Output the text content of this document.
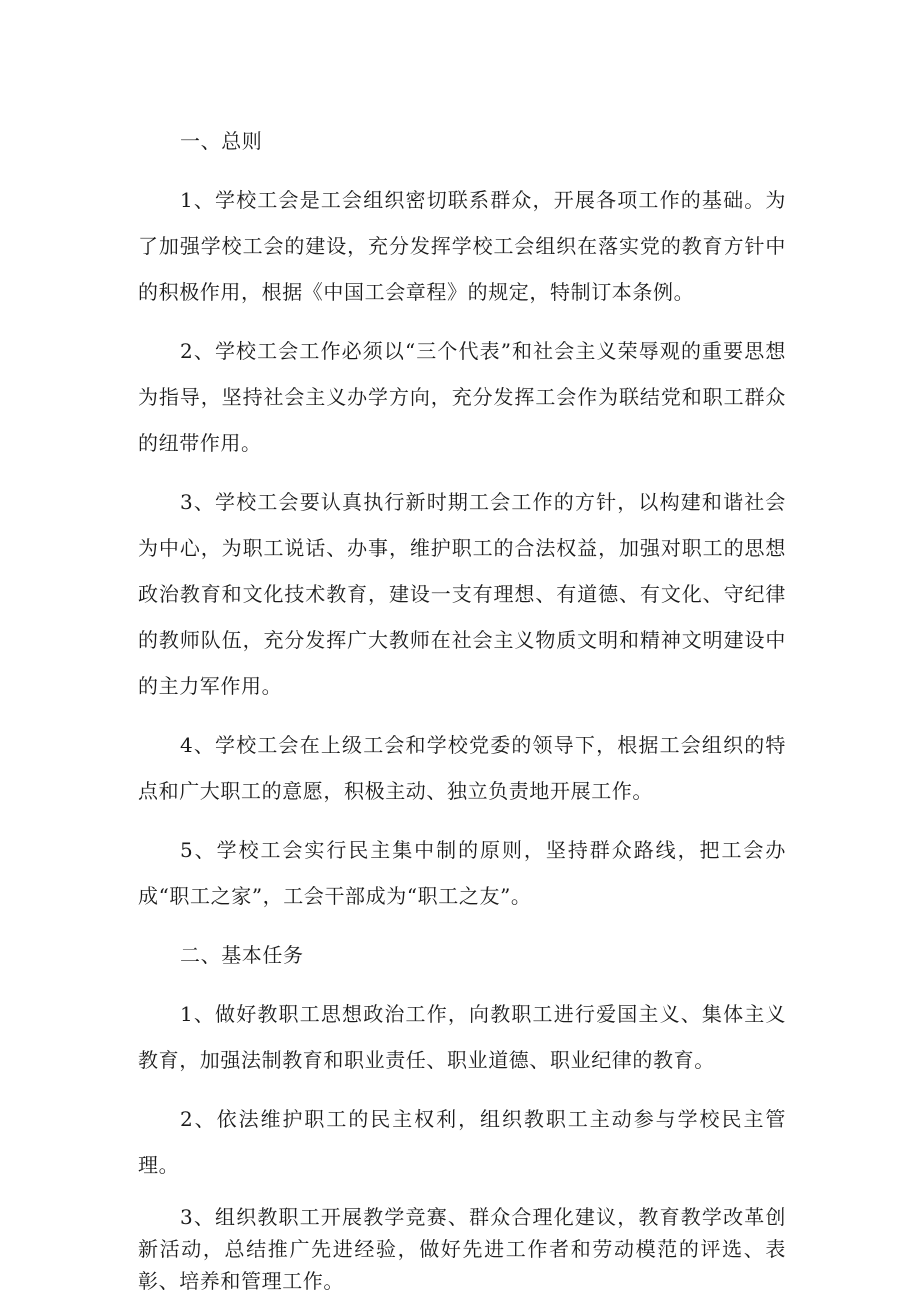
一、总则

1、学校工会是工会组织密切联系群众，开展各项工作的基础。为了加强学校工会的建设，充分发挥学校工会组织在落实党的教育方针中的积极作用，根据《中国工会章程》的规定，特制订本条例。

2、学校工会工作必须以“三个代表”和社会主义荣辱观的重要思想为指导，坚持社会主义办学方向，充分发挥工会作为联结党和职工群众的纽带作用。

3、学校工会要认真执行新时期工会工作的方针，以构建和谐社会为中心，为职工说话、办事，维护职工的合法权益，加强对职工的思想政治教育和文化技术教育，建设一支有理想、有道德、有文化、守纪律的教师队伍，充分发挥广大教师在社会主义物质文明和精神文明建设中的主力军作用。

4、学校工会在上级工会和学校党委的领导下，根据工会组织的特点和广大职工的意愿，积极主动、独立负责地开展工作。

5、学校工会实行民主集中制的原则，坚持群众路线，把工会办成“职工之家”，工会干部成为“职工之友”。

二、基本任务

1、做好教职工思想政治工作，向教职工进行爱国主义、集体主义教育，加强法制教育和职业责任、职业道德、职业纪律的教育。

2、依法维护职工的民主权利，组织教职工主动参与学校民主管理。

3、组织教职工开展教学竞赛、群众合理化建议，教育教学改革创新活动，总结推广先进经验，做好先进工作者和劳动模范的评选、表彰、培养和管理工作。
